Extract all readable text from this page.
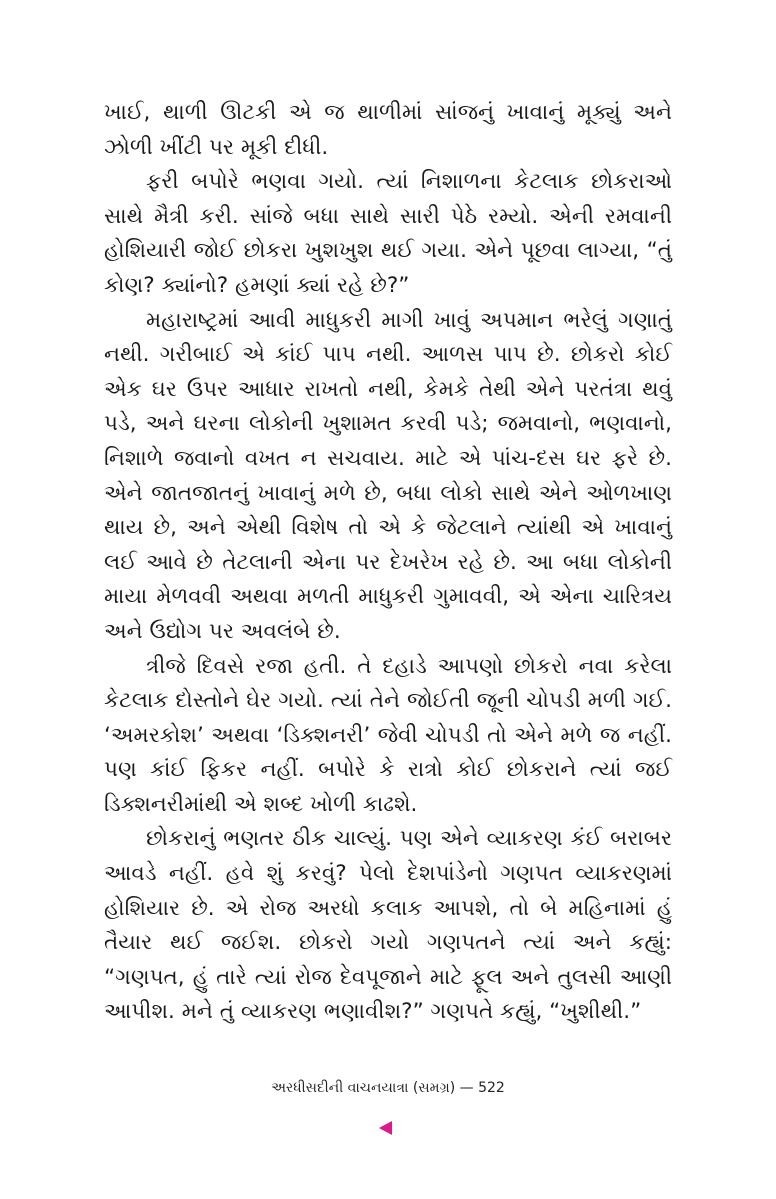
ખાઈ, થાળી ઊટકી એ જ થાળીમાં સાંજનું ખાવાનું મૂક્યું અને ઝોળી ખીંટી પર મૂકી દીધી.

ફરી બપોરે ભણવા ગયો. ત્યાં નિશાળના કેટલાક છોકરાઓ સાથે મૈત્રી કરી. સાંજે બધા સાથે સારી પેઠે રમ્યો. એની રમવાની હોશિયારી જોઈ છોકરા ખુશખુશ થઈ ગયા. એને પૂછવા લાગ્યા, “તું કોણ? ક્યાંનો? હમણાં ક્યાં રહે છે?”

મહારાષ્ટ્રમાં આવી માધુકરી માગી ખાવું અપમાન ભરેલું ગણાતું નથી. ગરીબાઈ એ કાંઈ પાપ નથી. આળસ પાપ છે. છોકરો કોઈ એક ઘર ઉપર આધાર રાખતો નથી, કેમકે તેથી એને પરતંત્રા થવું પડે, અને ઘરના લોકોની ખુશામત કરવી પડે; જમવાનો, ભણવાનો, નિશાળે જવાનો વખત ન સચવાય. માટે એ પાંચ-દસ ઘર ફરે છે. એને જાતજાતનું ખાવાનું મળે છે, બધા લોકો સાથે એને ઓળખાણ થાય છે, અને એથી વિશેષ તો એ કે જેટલાને ત્યાંથી એ ખાવાનું લઈ આવે છે તેટલાની એના પર દેખરેખ રહે છે. આ બધા લોકોની માયા મેળવવી અથવા મળતી માધુકરી ગુમાવવી, એ એના ચારિત્રય અને ઉદ્યોગ પર અવલંબે છે.

ત્રીજે દિવસે રજા હતી. તે દહાડે આપણો છોકરો નવા કરેલા કેટલાક દોસ્તોને ઘેર ગયો. ત્યાં તેને જોઈતી જૂની ચોપડી મળી ગઈ. ‘અમરકોશ’ અથવા ‘ડિક્શનરી’ જેવી ચોપડી તો એને મળે જ નહીં. પણ કાંઈ ફિકર નહીં. બપોરે કે રાત્રો કોઈ છોકરાને ત્યાં જઈ ડિક્શનરીમાંથી એ શબ્દ ખોળી કાઢશે.

છોકરાનું ભણતર ઠીક ચાલ્યું. પણ એને વ્યાકરણ કંઈ બરાબર આવડે નહીં. હવે શું કરવું? પેલો દેશપાંડેનો ગણપત વ્યાકરણમાં હોશિયાર છે. એ રોજ અરધો કલાક આપશે, તો બે મહિનામાં હું તૈયાર થઈ જઈશ. છોકરો ગયો ગણપતને ત્યાં અને કહ્યું: “ગણપત, હું તારે ત્યાં રોજ દેવપૂજાને માટે ફૂલ અને તુલસી આણી આપીશ. મને તું વ્યાકરણ ભણાવીશ?” ગણપતે કહ્યું, “ખુશીથી.”

અરધીસદીની વાચનયાત્રા (સમગ્ર) — 522
